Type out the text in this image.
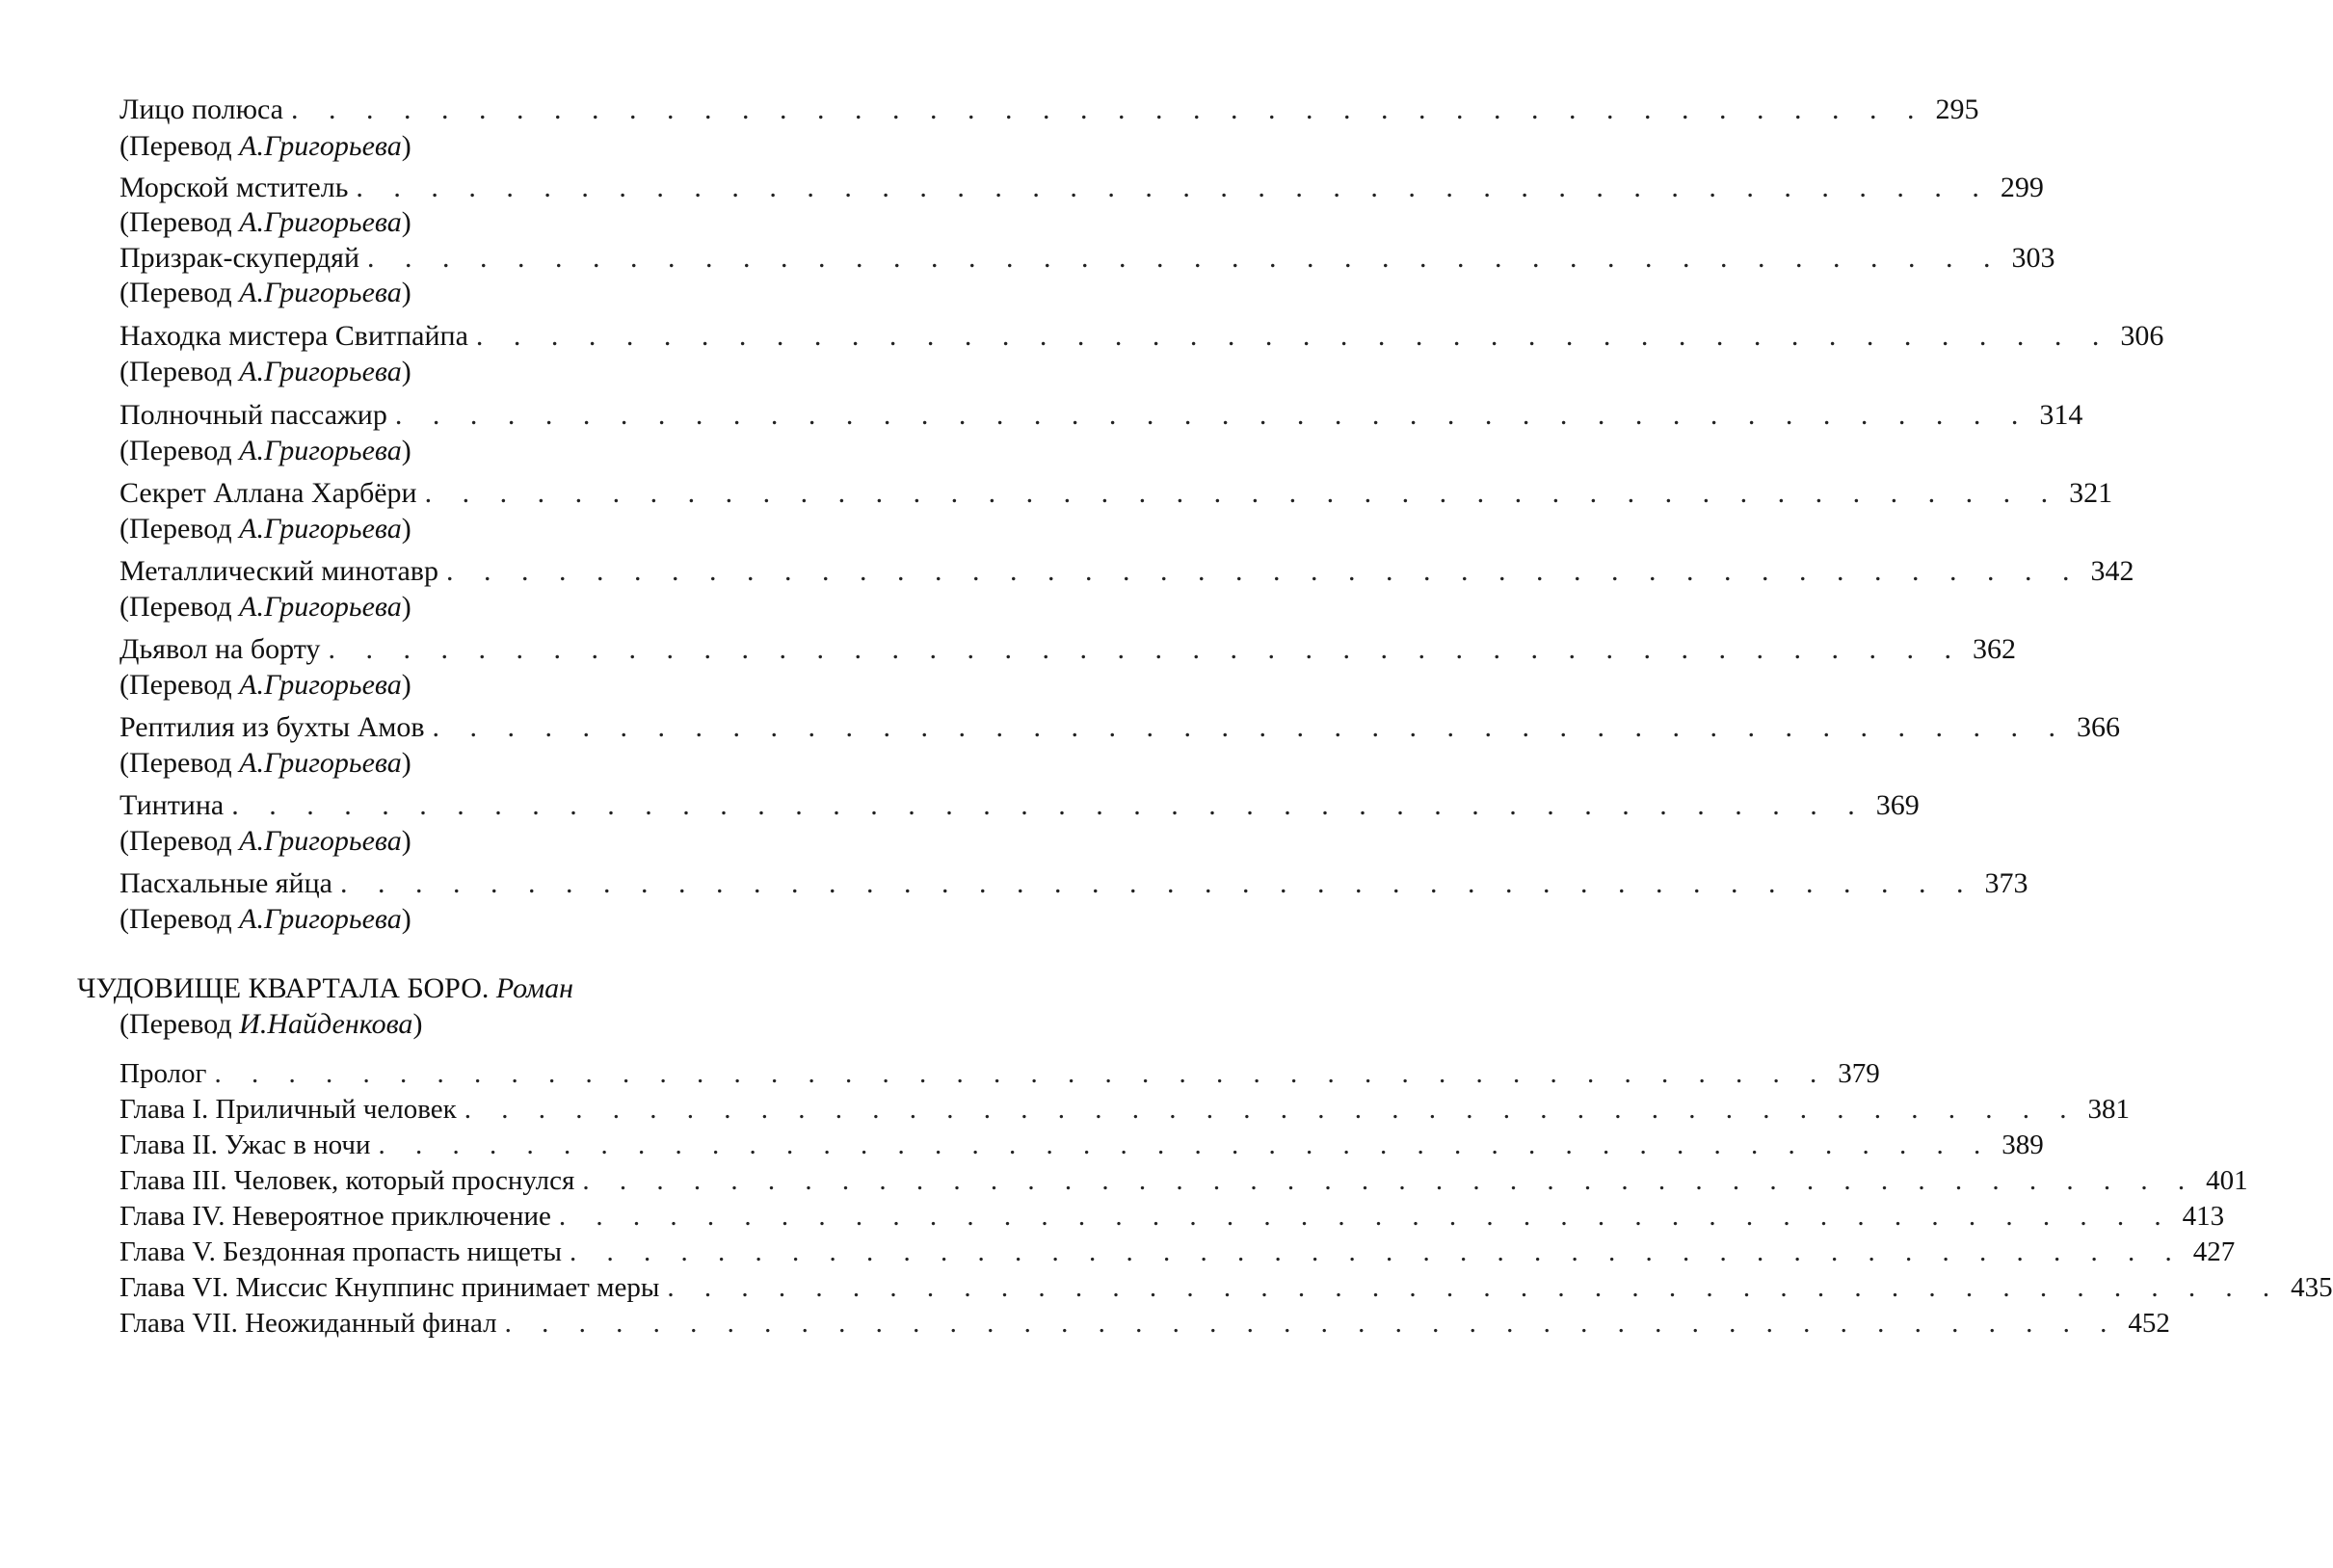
Лицо полюса . . . . . . . . . . . . . . . . . . . . . . . . . . . . . . . . . . . . . . . . . . . . 295
(Перевод А.Григорьева)
Морской мститель . . . . . . . . . . . . . . . . . . . . . . . . . . . . . . . . . . . . . . . . . . . . 299
(Перевод А.Григорьева)
Призрак-скупердяй . . . . . . . . . . . . . . . . . . . . . . . . . . . . . . . . . . . . . . . . . . . . 303
(Перевод А.Григорьева)
Находка мистера Свитпайпа . . . . . . . . . . . . . . . . . . . . . . . . . . . . . . . . . . . . . . . . . . . . 306
(Перевод А.Григорьева)
Полночный пассажир . . . . . . . . . . . . . . . . . . . . . . . . . . . . . . . . . . . . . . . . . . . . 314
(Перевод А.Григорьева)
Секрет Аллана Харбёри . . . . . . . . . . . . . . . . . . . . . . . . . . . . . . . . . . . . . . . . . . . . 321
(Перевод А.Григорьева)
Металлический минотавр . . . . . . . . . . . . . . . . . . . . . . . . . . . . . . . . . . . . . . . . . . . . 342
(Перевод А.Григорьева)
Дьявол на борту . . . . . . . . . . . . . . . . . . . . . . . . . . . . . . . . . . . . . . . . . . . . 362
(Перевод А.Григорьева)
Рептилия из бухты Амов . . . . . . . . . . . . . . . . . . . . . . . . . . . . . . . . . . . . . . . . . . . . 366
(Перевод А.Григорьева)
Тинтина . . . . . . . . . . . . . . . . . . . . . . . . . . . . . . . . . . . . . . . . . . . . 369
(Перевод А.Григорьева)
Пасхальные яйца . . . . . . . . . . . . . . . . . . . . . . . . . . . . . . . . . . . . . . . . . . . . 373
(Перевод А.Григорьева)
ЧУДОВИЩЕ КВАРТАЛА БОРО. Роман
(Перевод И.Найденкова)
Пролог . . . . . . . . . . . . . . . . . . . . . . . . . . . . . . . . . . . . . . . . . . . . 379
Глава I. Приличный человек . . . . . . . . . . . . . . . . . . . . . . . . . . . . . . . . . . . . . . . . . . . . 381
Глава II. Ужас в ночи . . . . . . . . . . . . . . . . . . . . . . . . . . . . . . . . . . . . . . . . . . . . 389
Глава III. Человек, который проснулся . . . . . . . . . . . . . . . . . . . . . . . . . . . . . . . . . . . . . . . . . . . . 401
Глава IV. Невероятное приключение . . . . . . . . . . . . . . . . . . . . . . . . . . . . . . . . . . . . . . . . . . . . 413
Глава V. Бездонная пропасть нищеты . . . . . . . . . . . . . . . . . . . . . . . . . . . . . . . . . . . . . . . . . . . . 427
Глава VI. Миссис Кнуппинс принимает меры . . . . . . . . . . . . . . . . . . . . . . . . . . . . . . . . . . . . . . . . . . . . 435
Глава VII. Неожиданный финал . . . . . . . . . . . . . . . . . . . . . . . . . . . . . . . . . . . . . . . . . . . . 452
